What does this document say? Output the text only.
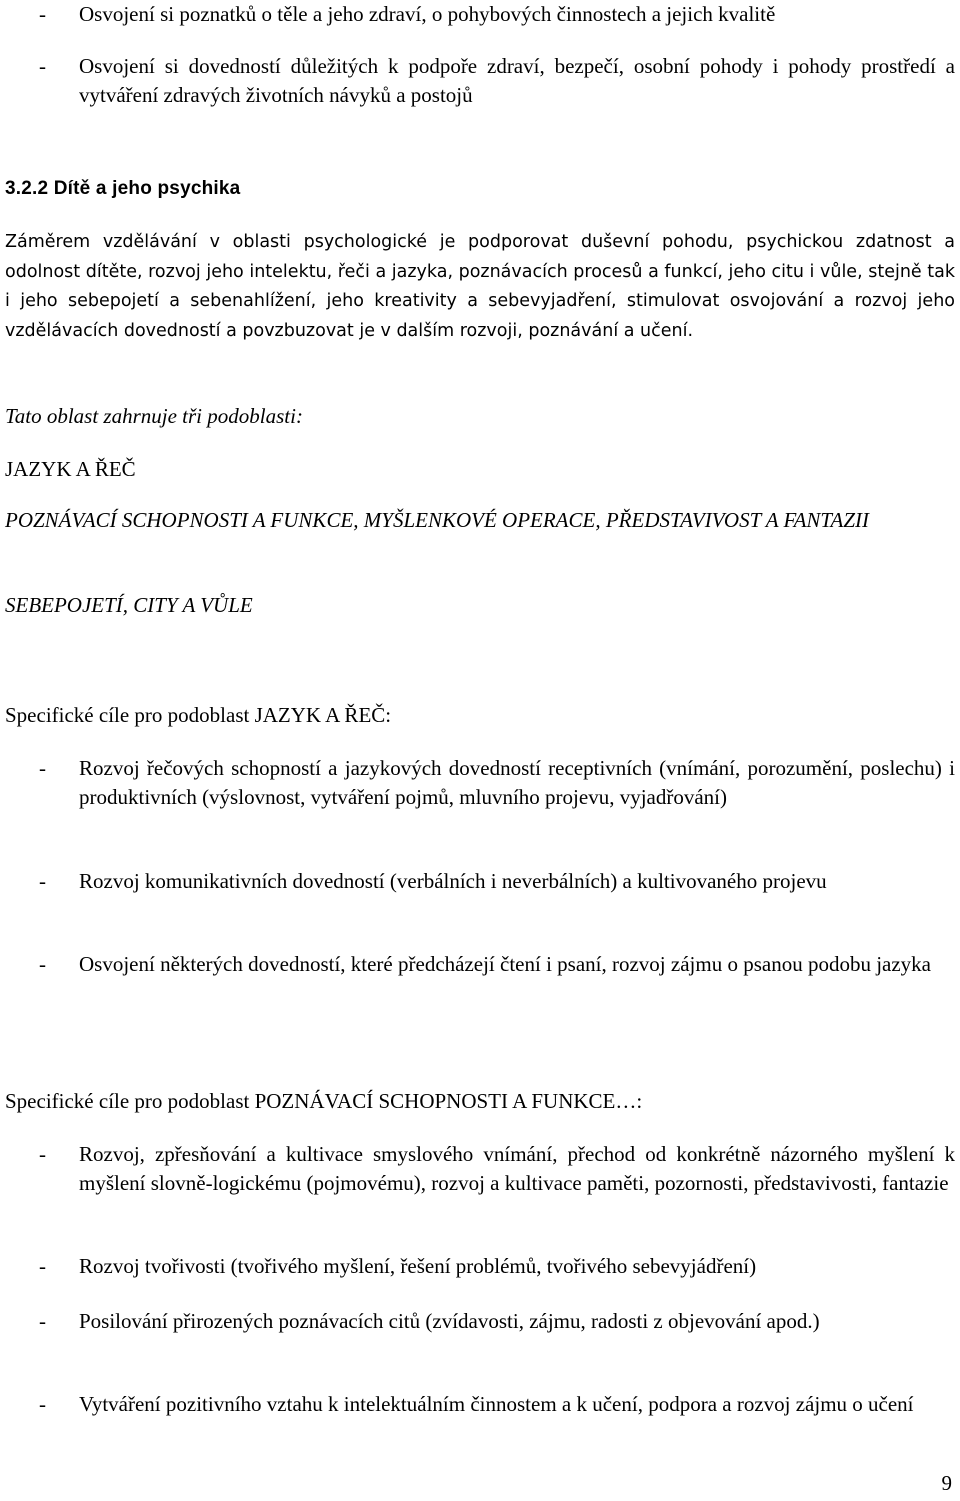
- Osvojení si poznatků o těle a jeho zdraví, o pohybových činnostech a jejich kvalitě
- Osvojení si dovedností důležitých k podpoře zdraví, bezpečí, osobní pohody i pohody prostředí a vytváření zdravých životních návyků a postojů
3.2.2 Dítě a jeho psychika
Záměrem vzdělávání v oblasti psychologické je podporovat duševní pohodu, psychickou zdatnost a odolnost dítěte, rozvoj jeho intelektu, řeči a jazyka, poznávacích procesů a funkcí, jeho citu i vůle, stejně tak i jeho sebepojetí a sebenahlížení, jeho kreativity a sebevyjadření, stimulovat osvojování a rozvoj jeho vzdělávacích dovedností a povzbuzovat je v dalším rozvoji, poznávání a učení.
Tato oblast zahrnuje tři podoblasti:
JAZYK A ŘEČ
POZNÁVACÍ SCHOPNOSTI A FUNKCE, MYŠLENKOVÉ OPERACE, PŘEDSTAVIVOST A FANTAZII
SEBEPOJETÍ, CITY A VŮLE
Specifické cíle pro podoblast JAZYK A ŘEČ:
- Rozvoj řečových schopností a jazykových dovedností receptivních (vnímání, porozumění, poslechu) i produktivních (výslovnost, vytváření pojmů, mluvního projevu, vyjadřování)
- Rozvoj komunikativních dovedností (verbálních i neverbálních) a kultivovaného projevu
- Osvojení některých dovedností, které předcházejí čtení i psaní, rozvoj zájmu o psanou podobu jazyka
Specifické cíle pro podoblast POZNÁVACÍ SCHOPNOSTI A FUNKCE…:
- Rozvoj, zpřesňování a kultivace smyslového vnímání, přechod od konkrétně názorného myšlení k myšlení slovně-logickému (pojmovému), rozvoj a kultivace paměti, pozornosti, představivosti, fantazie
- Rozvoj tvořivosti (tvořivého myšlení, řešení problémů, tvořivého sebevyjádření)
- Posilování přirozených poznávacích citů (zvídavosti, zájmu, radosti z objevování apod.)
- Vytváření pozitivního vztahu k intelektuálním činnostem a k učení, podpora a rozvoj zájmu o učení
9
